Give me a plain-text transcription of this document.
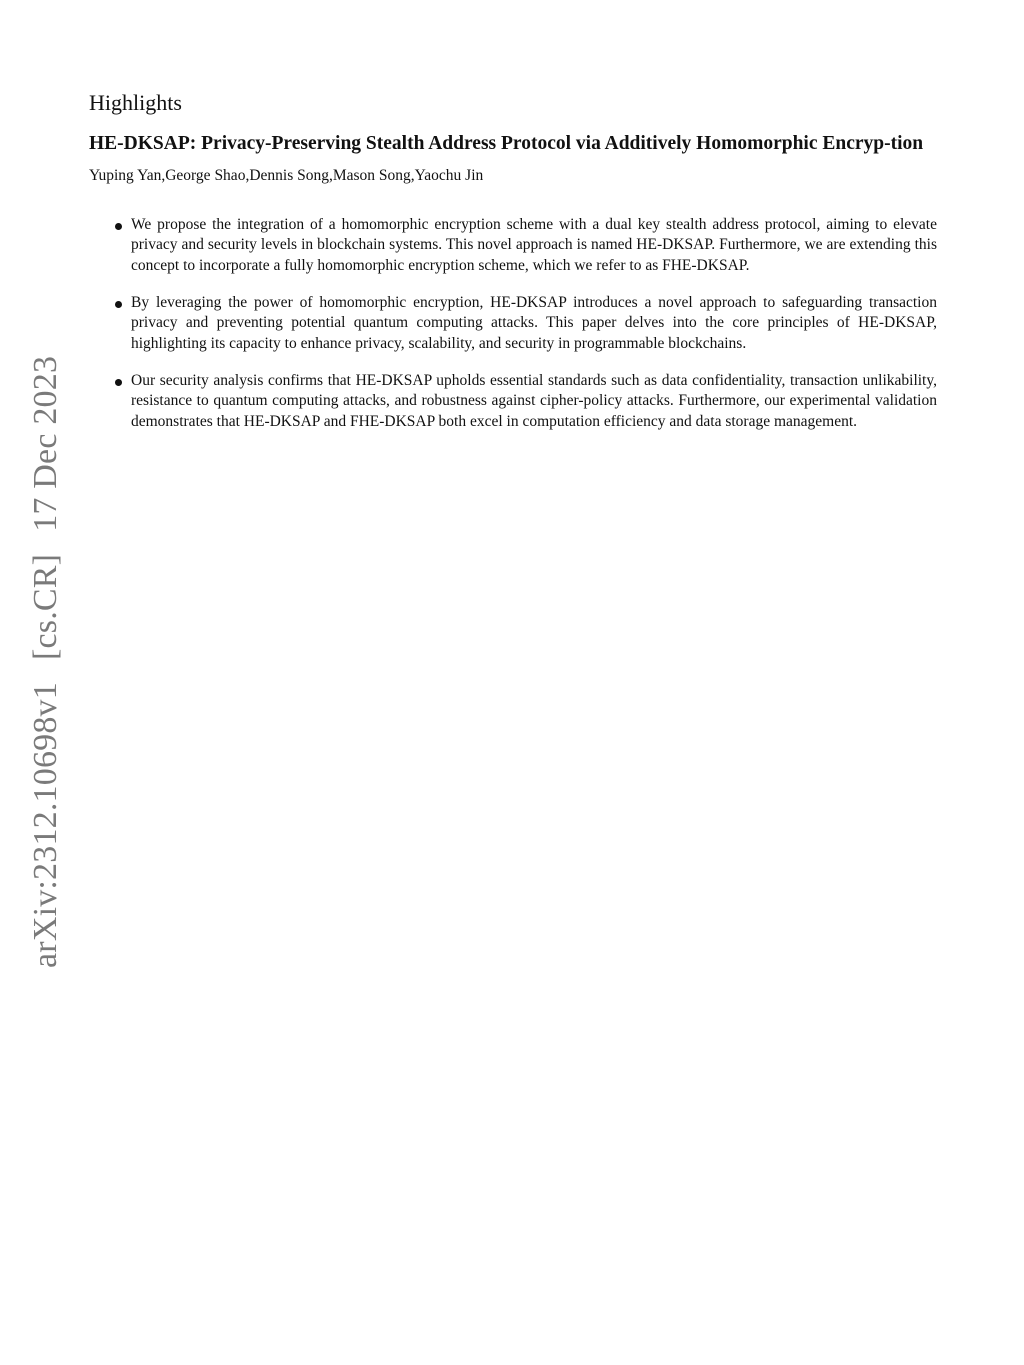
arXiv:2312.10698v1[cs.CR]17 Dec 2023
Highlights
HE-DKSAP: Privacy-Preserving Stealth Address Protocol via Additively Homomorphic Encryp-tion
Yuping Yan,George Shao,Dennis Song,Mason Song,Yaochu Jin
We propose the integration of a homomorphic encryption scheme with a dual key stealth address protocol, aiming to elevate privacy and security levels in blockchain systems. This novel approach is named HE-DKSAP. Furthermore, we are extending this concept to incorporate a fully homomorphic encryption scheme, which we refer to as FHE-DKSAP.
By leveraging the power of homomorphic encryption, HE-DKSAP introduces a novel approach to safeguarding transaction privacy and preventing potential quantum computing attacks. This paper delves into the core principles of HE-DKSAP, highlighting its capacity to enhance privacy, scalability, and security in programmable blockchains.
Our security analysis confirms that HE-DKSAP upholds essential standards such as data confidentiality, transaction unlikability, resistance to quantum computing attacks, and robustness against cipher-policy attacks. Furthermore, our experimental validation demonstrates that HE-DKSAP and FHE-DKSAP both excel in computation efficiency and data storage management.
